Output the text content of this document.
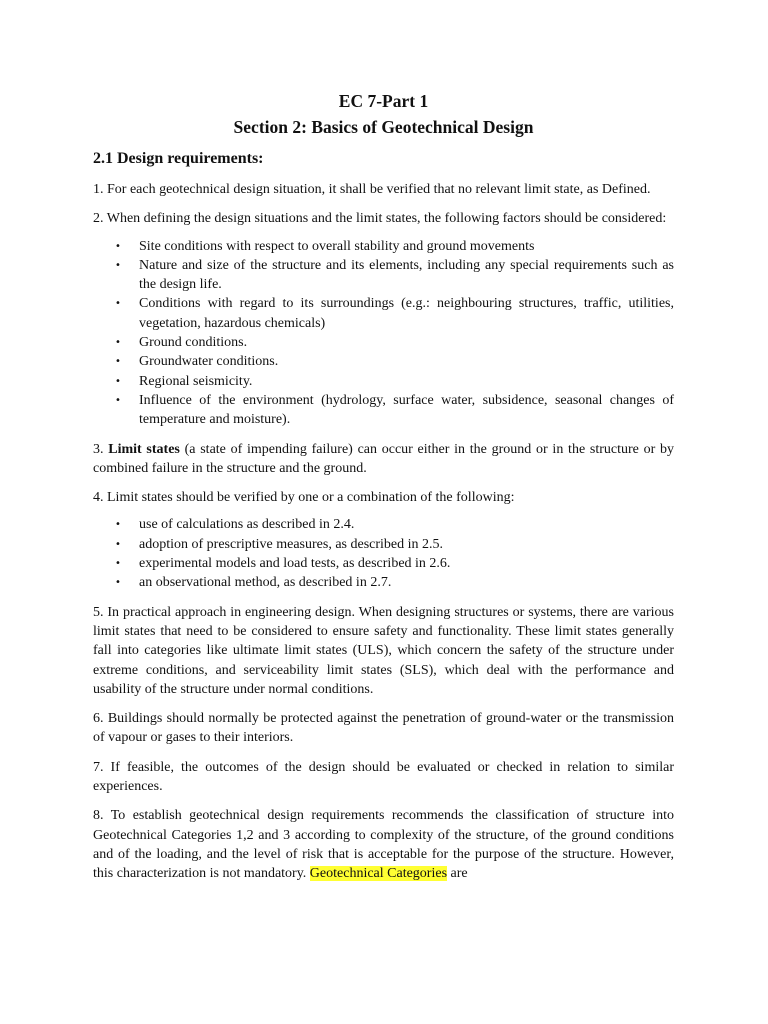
EC 7-Part 1
Section 2: Basics of Geotechnical Design
2.1 Design requirements:

1. For each geotechnical design situation, it shall be verified that no relevant limit state, as Defined.

2. When defining the design situations and the limit states, the following factors should be considered:

• Site conditions with respect to overall stability and ground movements
• Nature and size of the structure and its elements, including any special requirements such as the design life.
• Conditions with regard to its surroundings (e.g.: neighbouring structures, traffic, utilities, vegetation, hazardous chemicals)
• Ground conditions.
• Groundwater conditions.
• Regional seismicity.
• Influence of the environment (hydrology, surface water, subsidence, seasonal changes of temperature and moisture).

3. Limit states (a state of impending failure) can occur either in the ground or in the structure or by combined failure in the structure and the ground.

4. Limit states should be verified by one or a combination of the following:

• use of calculations as described in 2.4.
• adoption of prescriptive measures, as described in 2.5.
• experimental models and load tests, as described in 2.6.
• an observational method, as described in 2.7.

5. In practical approach in engineering design. When designing structures or systems, there are various limit states that need to be considered to ensure safety and functionality. These limit states generally fall into categories like ultimate limit states (ULS), which concern the safety of the structure under extreme conditions, and serviceability limit states (SLS), which deal with the performance and usability of the structure under normal conditions.

6. Buildings should normally be protected against the penetration of ground-water or the transmission of vapour or gases to their interiors.

7. If feasible, the outcomes of the design should be evaluated or checked in relation to similar experiences.

8. To establish geotechnical design requirements recommends the classification of structure into Geotechnical Categories 1,2 and 3 according to complexity of the structure, of the ground conditions and of the loading, and the level of risk that is acceptable for the purpose of the structure. However, this characterization is not mandatory. Geotechnical Categories are
